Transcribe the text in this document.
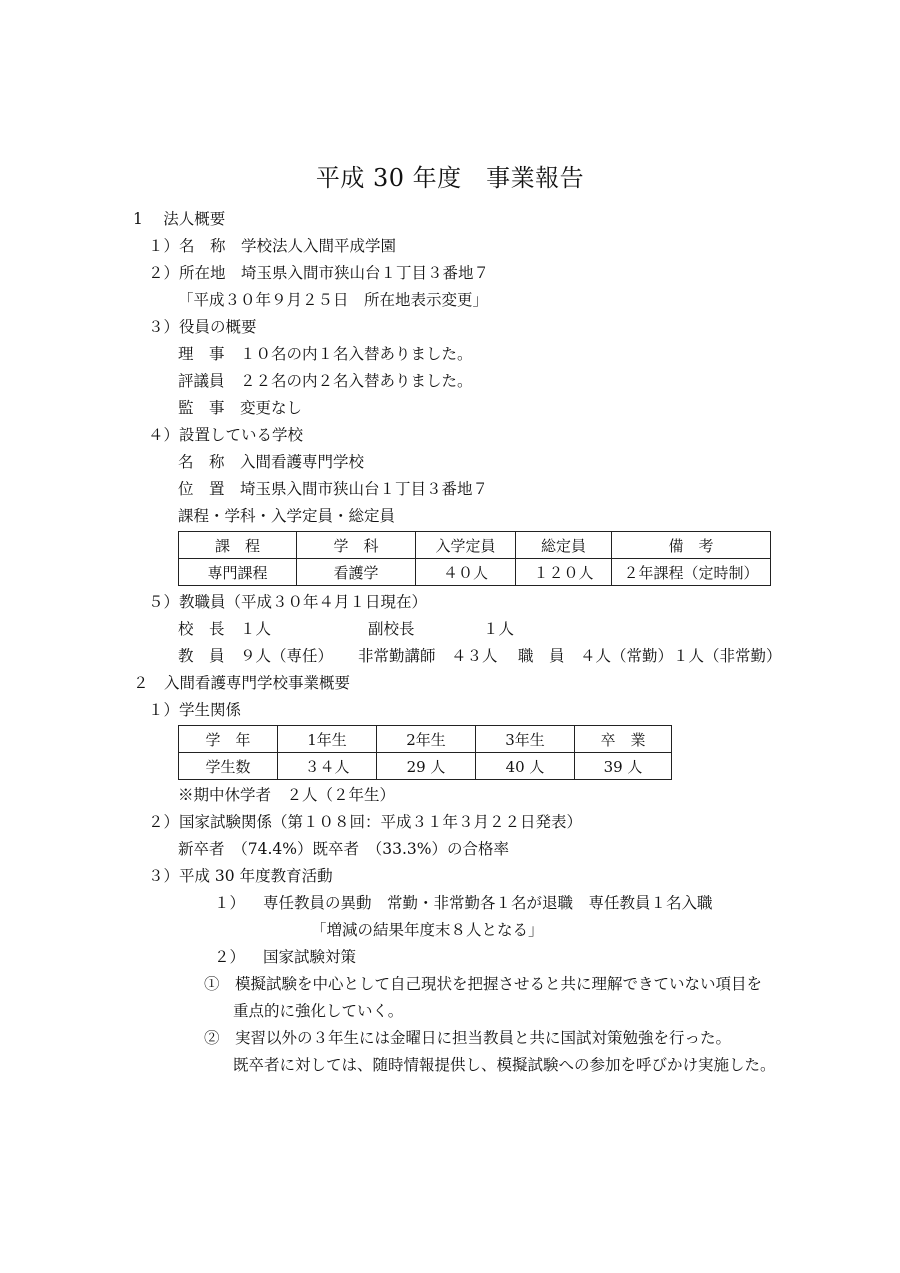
平成 30 年度　事業報告
1　 法人概要
１）名　称　学校法人入間平成学園
２）所在地　埼玉県入間市狭山台１丁目３番地７
「平成３０年９月２５日　所在地表示変更」
３）役員の概要
理　事　１０名の内１名入替ありました。
評議員　２２名の内２名入替ありました。
監　事　変更なし
４）設置している学校
名　称　入間看護専門学校
位　置　埼玉県入間市狭山台１丁目３番地７
課程・学科・入学定員・総定員
課　程	学　科	入学定員	総定員	備　考
専門課程	看護学	４０人	１２０人	２年課程（定時制）
５）教職員（平成３０年４月１日現在）
校　長　１人	副校長	１人
教　員　９人（専任） 非常勤講師　４３人 職　員　４人（常勤）１人（非常勤）
２　入間看護専門学校事業概要
１）学生関係
学　年	1年生	2年生	3年生	卒　業
学生数	３４人	29 人	40 人	39 人
※期中休学者　２人（２年生）
２）国家試験関係（第１０８回：平成３１年３月２２日発表）
新卒者　（74.4%）既卒者　（33.3%）の合格率
３）平成 30 年度教育活動
１） 専任教員の異動　常勤・非常勤各１名が退職　専任教員１名入職
「増減の結果年度末８人となる」
２） 国家試験対策
①　模擬試験を中心として自己現状を把握させると共に理解できていない項目を
重点的に強化していく。
②　実習以外の３年生には金曜日に担当教員と共に国試対策勉強を行った。
既卒者に対しては、随時情報提供し、模擬試験への参加を呼びかけ実施した。
